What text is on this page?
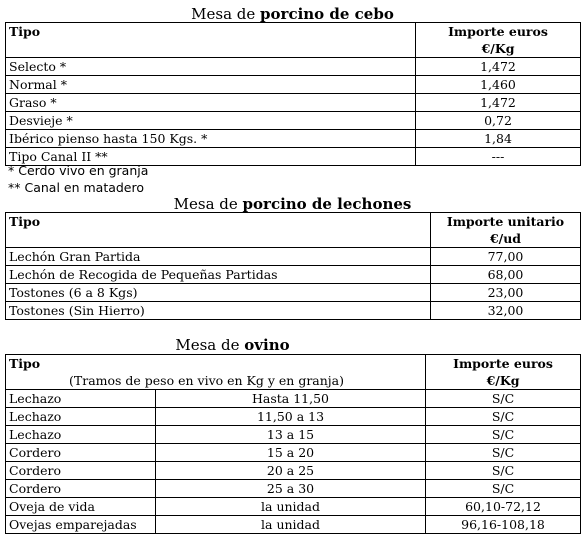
Mesa de porcino de cebo
Tipo	Importe euros
€/Kg

Selecto *	1,472
Normal *	1,460
Graso *	1,472
Desvieje *	0,72
Ibérico pienso hasta 150 Kgs. *	1,84
Tipo Canal II **	---
* Cerdo vivo en granja
** Canal en matadero
Mesa de porcino de lechones
Tipo	Importe unitario
€/ud

Lechón Gran Partida	77,00
Lechón de Recogida de Pequeñas Partidas	68,00
Tostones (6 a 8 Kgs)	23,00
Tostones (Sin Hierro)	32,00
Mesa de ovino
Tipo
(Tramos de peso en vivo en Kg y en granja)		Importe euros
€/Kg

Lechazo	Hasta 11,50	S/C
Lechazo	11,50 a 13	S/C
Lechazo	13 a 15	S/C
Cordero	15 a 20	S/C
Cordero	20 a 25	S/C
Cordero	25 a 30	S/C
Oveja de vida	la unidad	60,10-72,12
Ovejas emparejadas	la unidad	96,16-108,18
